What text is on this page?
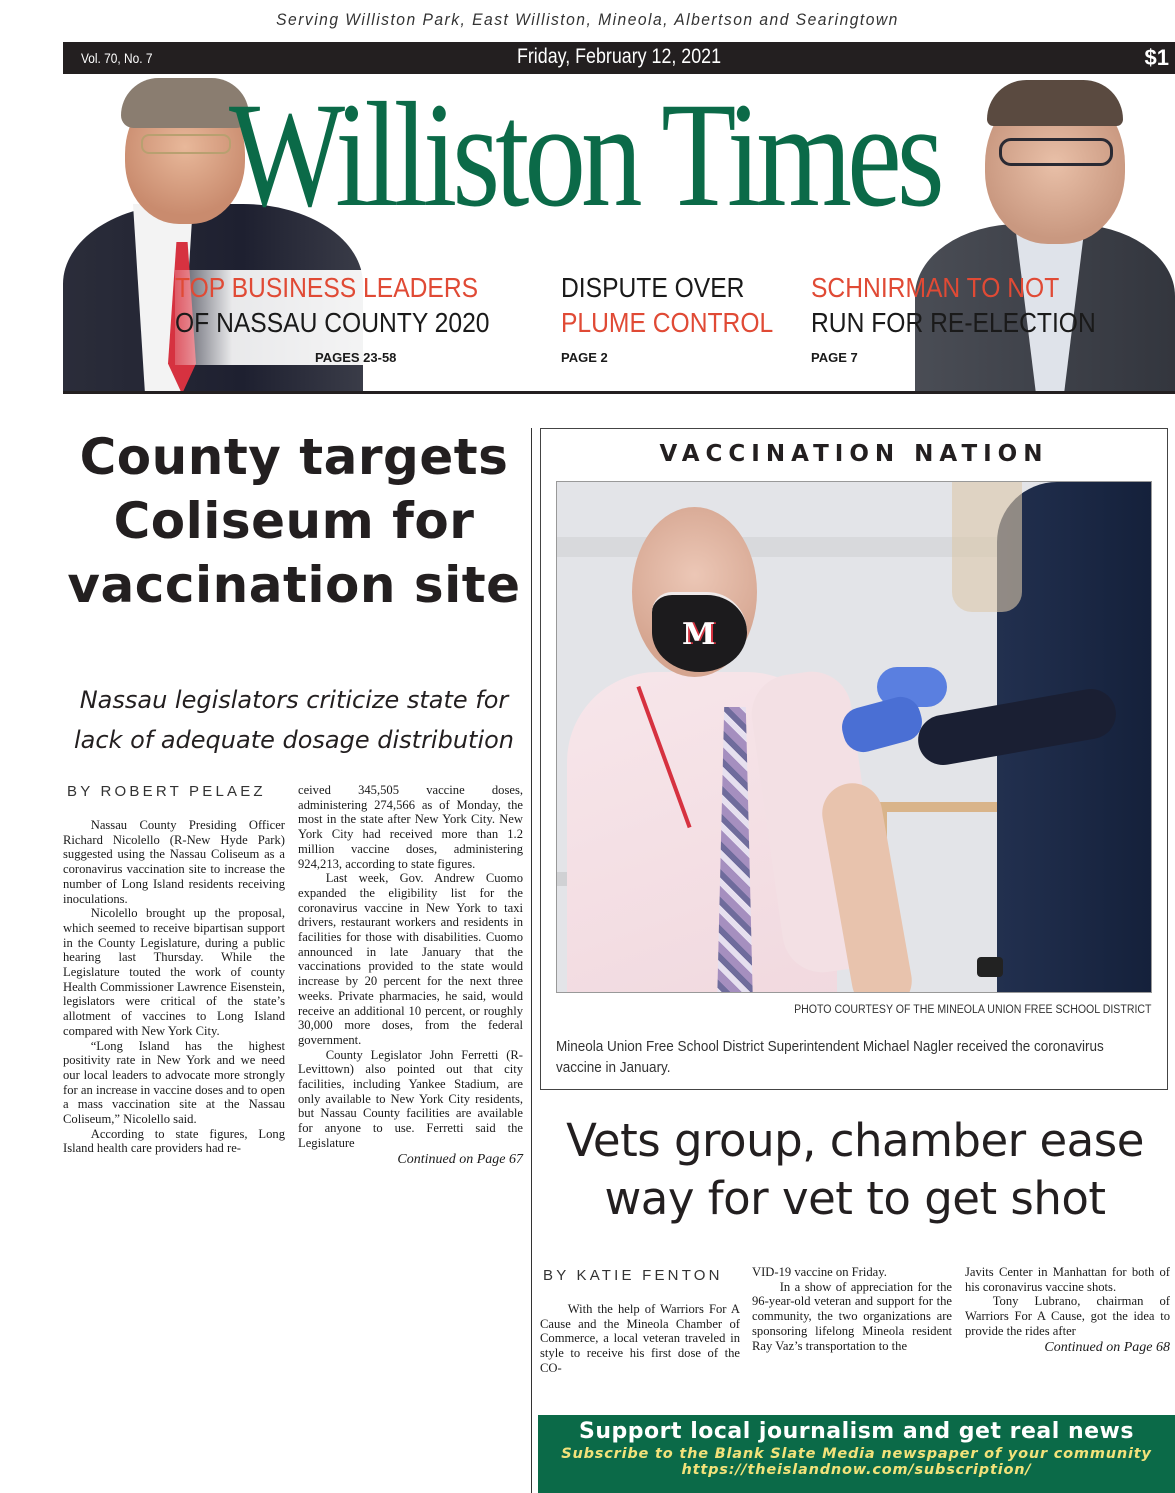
Serving Williston Park, East Williston, Mineola, Albertson and Searingtown
Vol. 70, No. 7	Friday, February 12, 2021	$1
Williston Times
TOP BUSINESS LEADERS
OF NASSAU COUNTY 2020
PAGES 23-58
DISPUTE OVER
PLUME CONTROL
PAGE 2
SCHNIRMAN TO NOT
RUN FOR RE-ELECTION
PAGE 7
County targets
Coliseum for
vaccination site
Nassau legislators criticize state for
lack of adequate dosage distribution
BY ROBERT PELAEZ

Nassau County Presiding Officer Richard Nicolello (R-New Hyde Park) suggested using the Nassau Coliseum as a coronavirus vaccination site to increase the number of Long Island residents receiving inoculations.

Nicolello brought up the proposal, which seemed to receive bipartisan support in the County Legislature, during a public hearing last Thursday. While the Legislature touted the work of county Health Commissioner Lawrence Eisenstein, legislators were critical of the state’s allotment of vaccines to Long Island compared with New York City.

“Long Island has the highest positivity rate in New York and we need our local leaders to advocate more strongly for an increase in vaccine doses and to open a mass vaccination site at the Nassau Coliseum,” Nicolello said.

According to state figures, Long Island health care providers had re-

ceived 345,505 vaccine doses, administering 274,566 as of Monday, the most in the state after New York City. New York City had received more than 1.2 million vaccine doses, administering 924,213, according to state figures.

Last week, Gov. Andrew Cuomo expanded the eligibility list for the coronavirus vaccine in New York to taxi drivers, restaurant workers and residents in facilities for those with disabilities. Cuomo announced in late January that the vaccinations provided to the state would increase by 20 percent for the next three weeks. Private pharmacies, he said, would receive an additional 10 percent, or roughly 30,000 more doses, from the federal government.

County Legislator John Ferretti (R-Levittown) also pointed out that city facilities, including Yankee Stadium, are only available to New York City residents, but Nassau County facilities are available for anyone to use. Ferretti said the Legislature

Continued on Page 67
VACCINATION NATION
M
PHOTO COURTESY OF THE MINEOLA UNION FREE SCHOOL DISTRICT
Mineola Union Free School District Superintendent Michael Nagler received the coronavirus vaccine in January.
Vets group, chamber ease
way for vet to get shot
BY KATIE FENTON

With the help of Warriors For A Cause and the Mineola Chamber of Commerce, a local veteran traveled in style to receive his first dose of the CO-

VID-19 vaccine on Friday.

In a show of appreciation for the 96-year-old veteran and support for the community, the two organizations are sponsoring lifelong Mineola resident Ray Vaz’s transportation to the

Javits Center in Manhattan for both of his coronavirus vaccine shots.

Tony Lubrano, chairman of Warriors For A Cause, got the idea to provide the rides after

Continued on Page 68
Support local journalism and get real news
Subscribe to the Blank Slate Media newspaper of your community
https://theislandnow.com/subscription/
